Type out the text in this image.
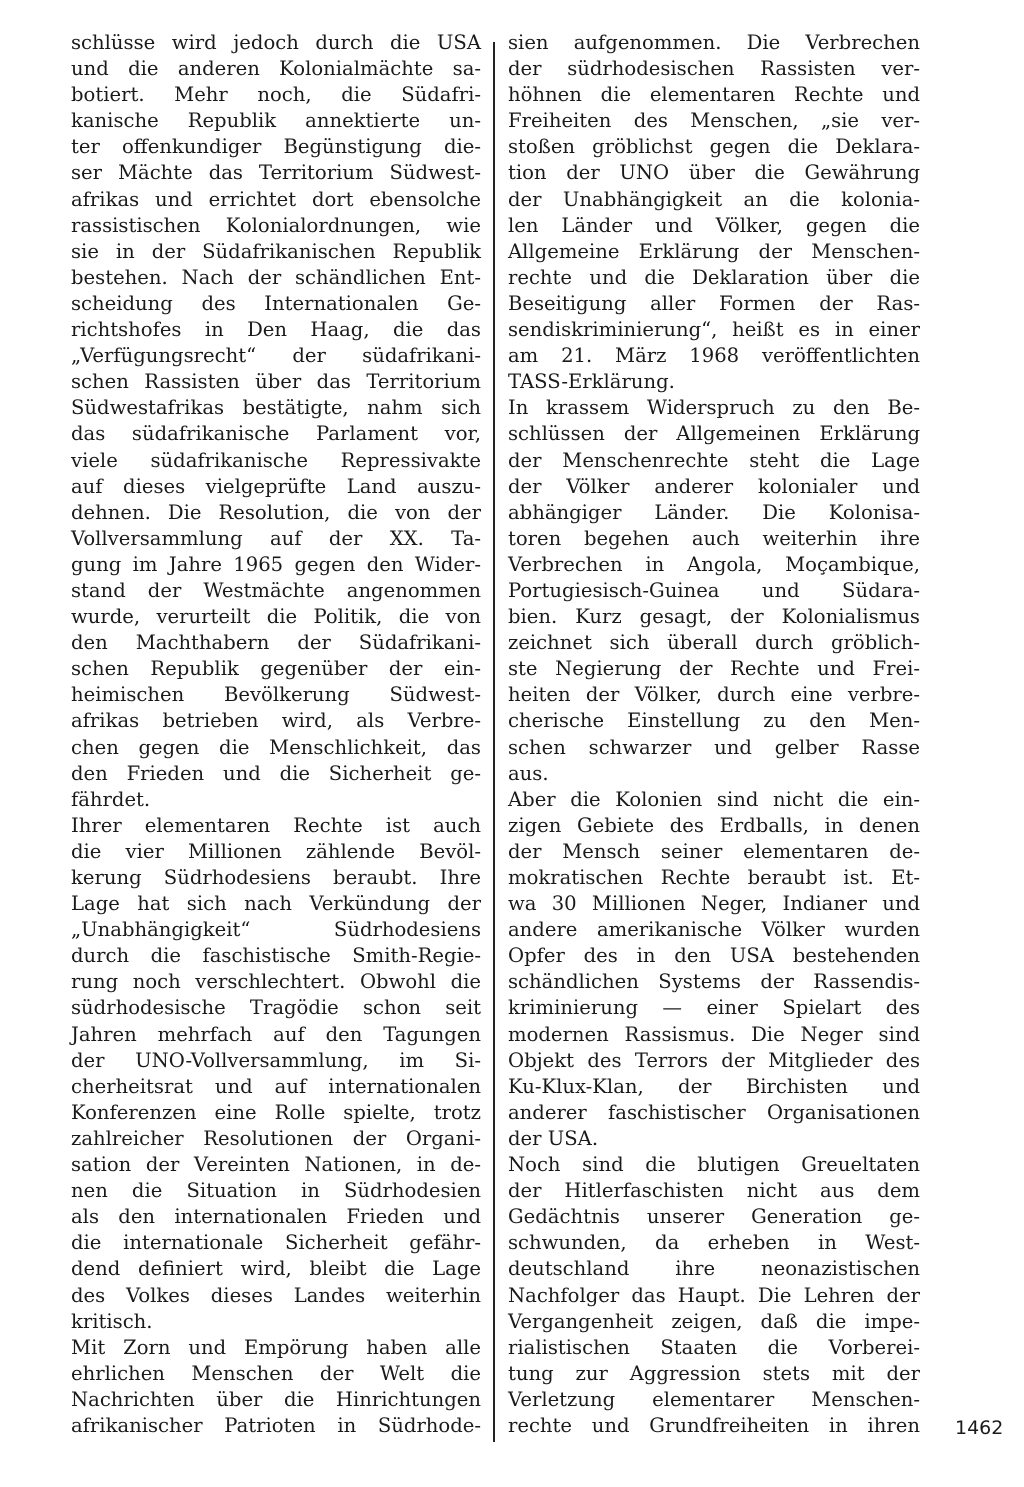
schlüsse wird jedoch durch die USA
und die anderen Kolonialmächte sa-
botiert. Mehr noch, die Südafri-
kanische Republik annektierte un-
ter offenkundiger Begünstigung die-
ser Mächte das Territorium Südwest-
afrikas und errichtet dort ebensolche
rassistischen Kolonialordnungen, wie
sie in der Südafrikanischen Republik
bestehen. Nach der schändlichen Ent-
scheidung des Internationalen Ge-
richtshofes in Den Haag, die das
„Verfügungsrecht“ der südafrikani-
schen Rassisten über das Territorium
Südwestafrikas bestätigte, nahm sich
das südafrikanische Parlament vor,
viele südafrikanische Repressivakte
auf dieses vielgeprüfte Land auszu-
dehnen. Die Resolution, die von der
Vollversammlung auf der XX. Ta-
gung im Jahre 1965 gegen den Wider-
stand der Westmächte angenommen
wurde, verurteilt die Politik, die von
den Machthabern der Südafrikani-
schen Republik gegenüber der ein-
heimischen Bevölkerung Südwest-
afrikas betrieben wird, als Verbre-
chen gegen die Menschlichkeit, das
den Frieden und die Sicherheit ge-
fährdet.
Ihrer elementaren Rechte ist auch
die vier Millionen zählende Bevöl-
kerung Südrhodesiens beraubt. Ihre
Lage hat sich nach Verkündung der
„Unabhängigkeit“ Südrhodesiens
durch die faschistische Smith-Regie-
rung noch verschlechtert. Obwohl die
südrhodesische Tragödie schon seit
Jahren mehrfach auf den Tagungen
der UNO-Vollversammlung, im Si-
cherheitsrat und auf internationalen
Konferenzen eine Rolle spielte, trotz
zahlreicher Resolutionen der Organi-
sation der Vereinten Nationen, in de-
nen die Situation in Südrhodesien
als den internationalen Frieden und
die internationale Sicherheit gefähr-
dend definiert wird, bleibt die Lage
des Volkes dieses Landes weiterhin
kritisch.
Mit Zorn und Empörung haben alle
ehrlichen Menschen der Welt die
Nachrichten über die Hinrichtungen
afrikanischer Patrioten in Südrhode-
sien aufgenommen. Die Verbrechen
der südrhodesischen Rassisten ver-
höhnen die elementaren Rechte und
Freiheiten des Menschen, „sie ver-
stoßen gröblichst gegen die Deklara-
tion der UNO über die Gewährung
der Unabhängigkeit an die kolonia-
len Länder und Völker, gegen die
Allgemeine Erklärung der Menschen-
rechte und die Deklaration über die
Beseitigung aller Formen der Ras-
sendiskriminierung“, heißt es in einer
am 21. März 1968 veröffentlichten
TASS-Erklärung.
In krassem Widerspruch zu den Be-
schlüssen der Allgemeinen Erklärung
der Menschenrechte steht die Lage
der Völker anderer kolonialer und
abhängiger Länder. Die Kolonisa-
toren begehen auch weiterhin ihre
Verbrechen in Angola, Moçambique,
Portugiesisch-Guinea und Südara-
bien. Kurz gesagt, der Kolonialismus
zeichnet sich überall durch gröblich-
ste Negierung der Rechte und Frei-
heiten der Völker, durch eine verbre-
cherische Einstellung zu den Men-
schen schwarzer und gelber Rasse
aus.
Aber die Kolonien sind nicht die ein-
zigen Gebiete des Erdballs, in denen
der Mensch seiner elementaren de-
mokratischen Rechte beraubt ist. Et-
wa 30 Millionen Neger, Indianer und
andere amerikanische Völker wurden
Opfer des in den USA bestehenden
schändlichen Systems der Rassendis-
kriminierung — einer Spielart des
modernen Rassismus. Die Neger sind
Objekt des Terrors der Mitglieder des
Ku-Klux-Klan, der Birchisten und
anderer faschistischer Organisationen
der USA.
Noch sind die blutigen Greueltaten
der Hitlerfaschisten nicht aus dem
Gedächtnis unserer Generation ge-
schwunden, da erheben in West-
deutschland ihre neonazistischen
Nachfolger das Haupt. Die Lehren der
Vergangenheit zeigen, daß die impe-
rialistischen Staaten die Vorberei-
tung zur Aggression stets mit der
Verletzung elementarer Menschen-
rechte und Grundfreiheiten in ihren 1462
